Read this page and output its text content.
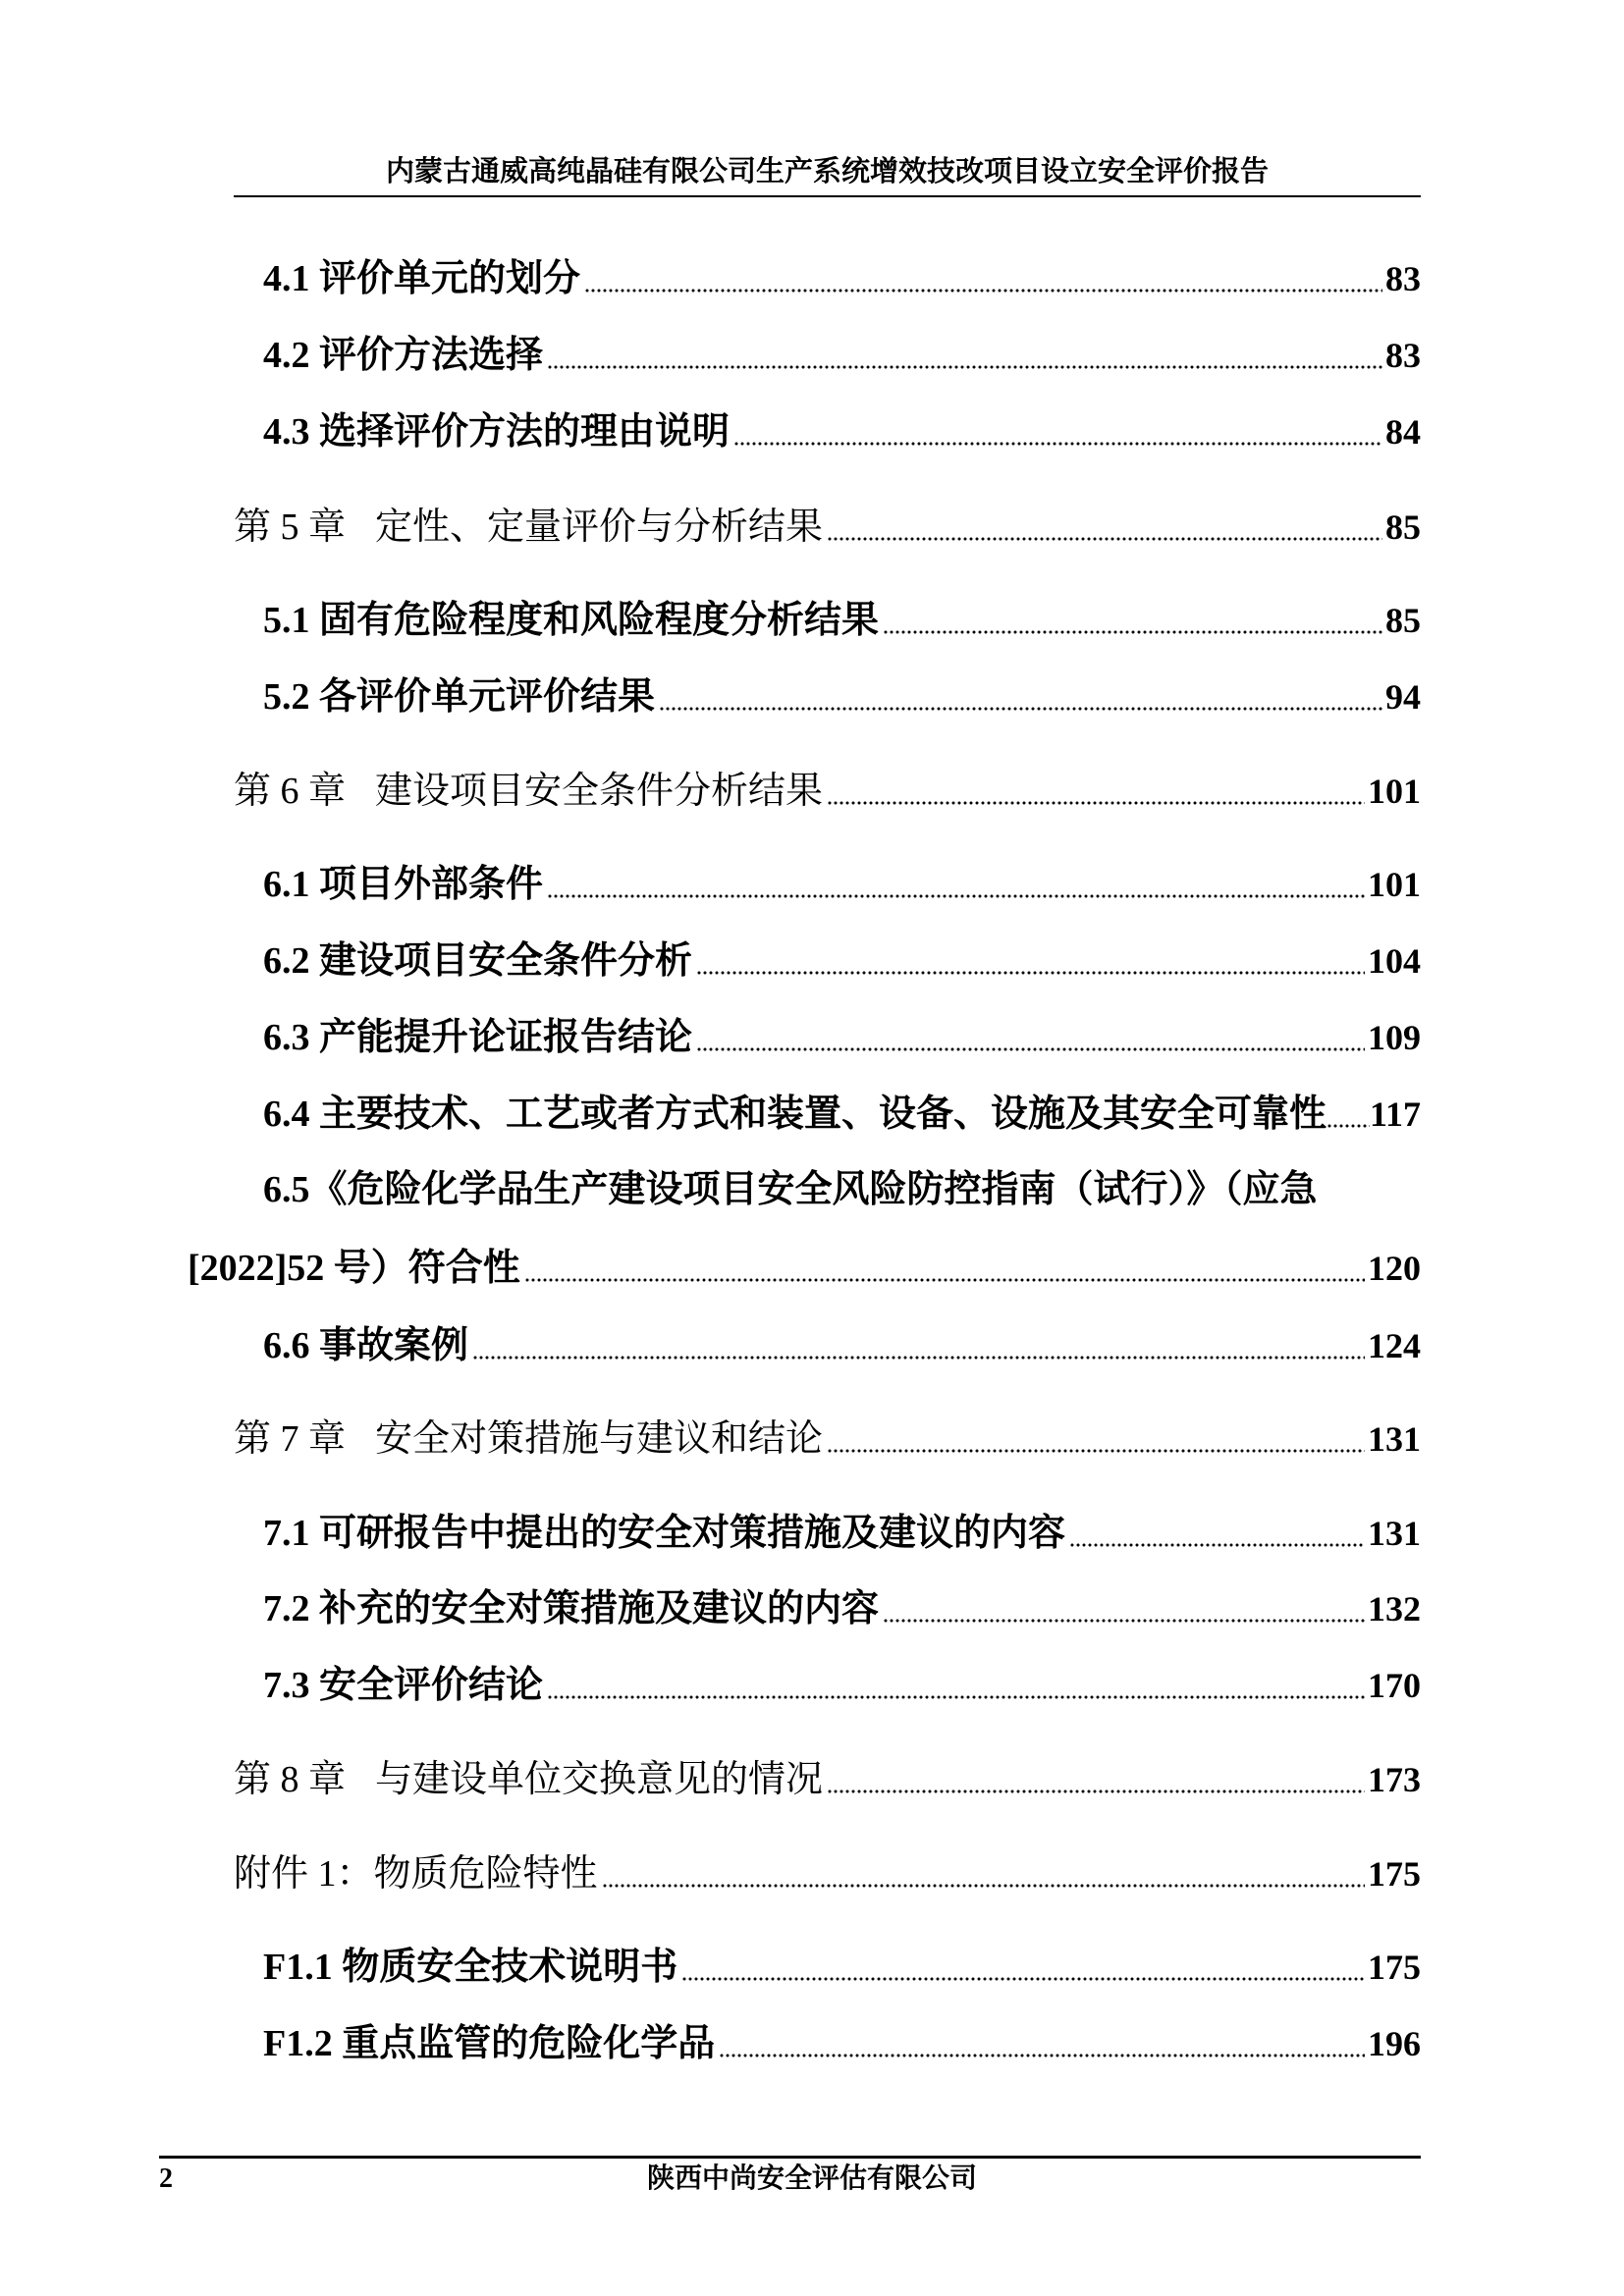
内蒙古通威高纯晶硅有限公司生产系统增效技改项目设立安全评价报告
4.1 评价单元的划分	83
4.2 评价方法选择	83
4.3 选择评价方法的理由说明	84
第 5 章 定性、定量评价与分析结果	85
5.1 固有危险程度和风险程度分析结果	85
5.2 各评价单元评价结果	94
第 6 章 建设项目安全条件分析结果	101
6.1 项目外部条件	101
6.2 建设项目安全条件分析	104
6.3 产能提升论证报告结论	109
6.4 主要技术、工艺或者方式和装置、设备、设施及其安全可靠性 117
6.5《危险化学品生产建设项目安全风险防控指南（试行）》（应急
[2022]52 号）符合性	120
6.6 事故案例	124
第 7 章 安全对策措施与建议和结论	131
7.1 可研报告中提出的安全对策措施及建议的内容	131
7.2 补充的安全对策措施及建议的内容	132
7.3 安全评价结论	170
第 8 章 与建设单位交换意见的情况	173
附件 1：物质危险特性	175
F1.1 物质安全技术说明书	175
F1.2 重点监管的危险化学品	196
2	陕西中尚安全评估有限公司
